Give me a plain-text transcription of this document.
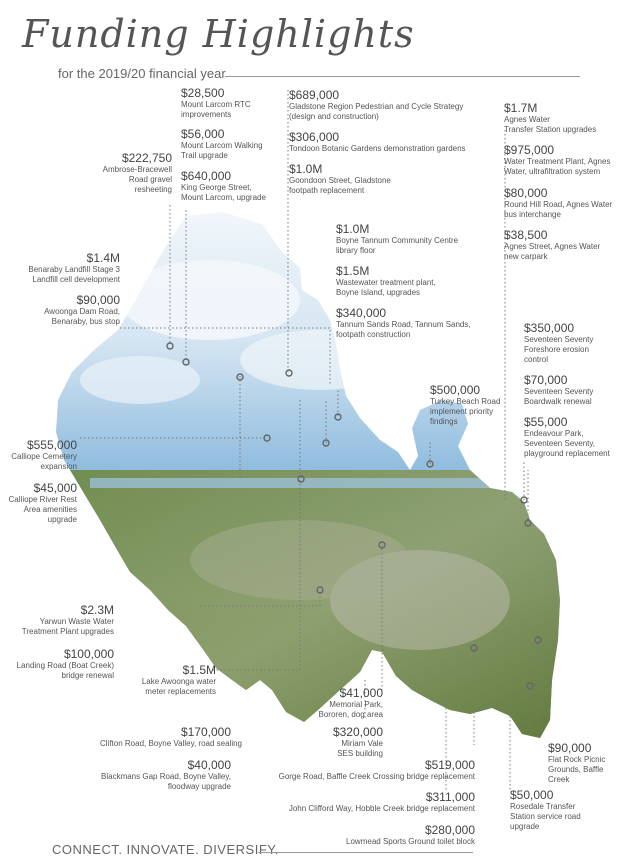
Funding Highlights
for the 2019/20 financial year
$28,500
Mount Larcom RTC
improvements
$56,000
Mount Larcom Walking
Trail upgrade
$640,000
King George Street,
Mount Larcom, upgrade
$222,750
Ambrose-Bracewell
Road gravel
resheeting
$689,000
Gladstone Region Pedestrian and Cycle Strategy
(design and construction)
$306,000
Tondoon Botanic Gardens demonstration gardens
$1.0M
Goondoon Street, Gladstone
footpath replacement
$1.7M
Agnes Water
Transfer Station upgrades
$975,000
Water Treatment Plant, Agnes
Water, ultrafiltration system
$80,000
Round Hill Road, Agnes Water
bus interchange
$38,500
Agnes Street, Agnes Water
new carpark
$1.0M
Boyne Tannum Community Centre
library floor
$1.5M
Wastewater treatment plant,
Boyne Island, upgrades
$340,000
Tannum Sands Road, Tannum Sands,
footpath construction
$1.4M
Benaraby Landfill Stage 3
Landfill cell development
$90,000
Awoonga Dam Road,
Benaraby, bus stop	$350,000
Seventeen Seventy
Foreshore erosion
control
$70,000
Seventeen Seventy
Boardwalk renewal
$55,000
Endeavour Park,
Seventeen Seventy,
playground replacement
$500,000
Turkey Beach Road
implement priority
findings
$555,000
Calliope Cemetery
expansion
$45,000
Calliope River Rest
Area amenities
upgrade
$2.3M
Yarwun Waste Water
Treatment Plant upgrades
$100,000
Landing Road (Boat Creek)
bridge renewal	$1.5M
Lake Awoonga water
meter replacements	$41,000
Memorial Park,
Bororen, dog area
$170,000
Clifton Road, Boyne Valley, road sealing
$320,000
Miriam Vale
SES building
$40,000
Blackmans Gap Road, Boyne Valley,
floodway upgrade
$519,000
Gorge Road, Baffle Creek Crossing bridge replacement
$90,000
Flat Rock Picnic
Grounds, Baffle
Creek
$311,000
John Clifford Way, Hobble Creek bridge replacement
$50,000
Rosedale Transfer
Station service road
upgrade
$280,000
Lowmead Sports Ground toilet block
CONNECT. INNOVATE. DIVERSIFY.
